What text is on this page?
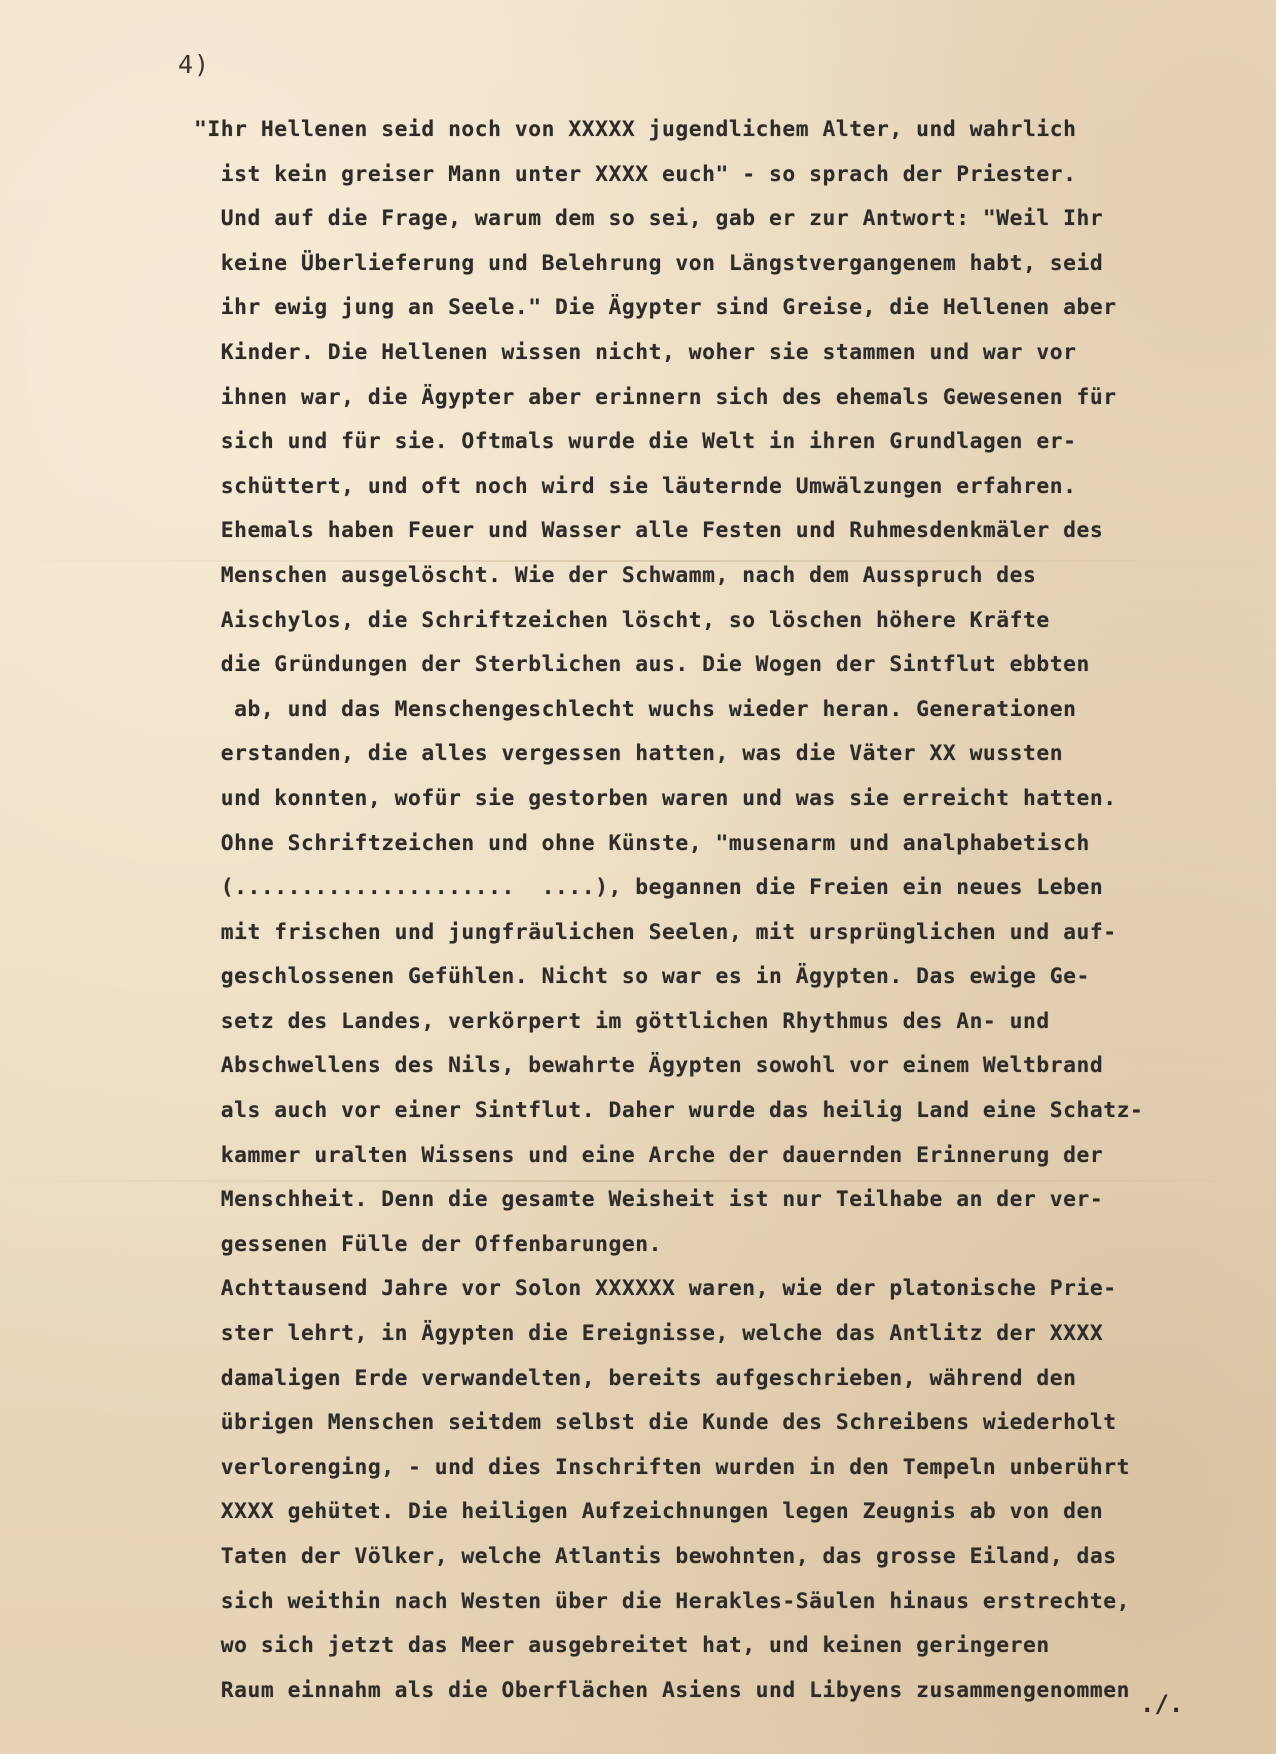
4)
"Ihr Hellenen seid noch von XXXXX jugendlichem Alter, und wahrlich
ist kein greiser Mann unter XXXX euch" - so sprach der Priester.
Und auf die Frage, warum dem so sei, gab er zur Antwort: "Weil Ihr
keine Überlieferung und Belehrung von Längstvergangenem habt, seid
ihr ewig jung an Seele." Die Ägypter sind Greise, die Hellenen aber
Kinder. Die Hellenen wissen nicht, woher sie stammen und war vor
ihnen war, die Ägypter aber erinnern sich des ehemals Gewesenen für
sich und für sie. Oftmals wurde die Welt in ihren Grundlagen er-
schüttert, und oft noch wird sie läuternde Umwälzungen erfahren.
Ehemals haben Feuer und Wasser alle Festen und Ruhmesdenkmäler des
Menschen ausgelöscht. Wie der Schwamm, nach dem Ausspruch des
Aischylos, die Schriftzeichen löscht, so löschen höhere Kräfte
die Gründungen der Sterblichen aus. Die Wogen der Sintflut ebbten
ab, und das Menschengeschlecht wuchs wieder heran. Generationen
erstanden, die alles vergessen hatten, was die Väter XX wussten
und konnten, wofür sie gestorben waren und was sie erreicht hatten.
Ohne Schriftzeichen und ohne Künste, "musenarm und analphabetisch
(.....................  ....), begannen die Freien ein neues Leben
mit frischen und jungfräulichen Seelen, mit ursprünglichen und auf-
geschlossenen Gefühlen. Nicht so war es in Ägypten. Das ewige Ge-
setz des Landes, verkörpert im göttlichen Rhythmus des An- und
Abschwellens des Nils, bewahrte Ägypten sowohl vor einem Weltbrand
als auch vor einer Sintflut. Daher wurde das heilig Land eine Schatz-
kammer uralten Wissens und eine Arche der dauernden Erinnerung der
Menschheit. Denn die gesamte Weisheit ist nur Teilhabe an der ver-
gessenen Fülle der Offenbarungen.
Achttausend Jahre vor Solon XXXXXX waren, wie der platonische Prie-
ster lehrt, in Ägypten die Ereignisse, welche das Antlitz der XXXX
damaligen Erde verwandelten, bereits aufgeschrieben, während den
übrigen Menschen seitdem selbst die Kunde des Schreibens wiederholt
verlorenging, - und dies Inschriften wurden in den Tempeln unberührt
XXXX gehütet. Die heiligen Aufzeichnungen legen Zeugnis ab von den
Taten der Völker, welche Atlantis bewohnten, das grosse Eiland, das
sich weithin nach Westen über die Herakles-Säulen hinaus erstrechte,
wo sich jetzt das Meer ausgebreitet hat, und keinen geringeren
Raum einnahm als die Oberflächen Asiens und Libyens zusammengenommen ./.
